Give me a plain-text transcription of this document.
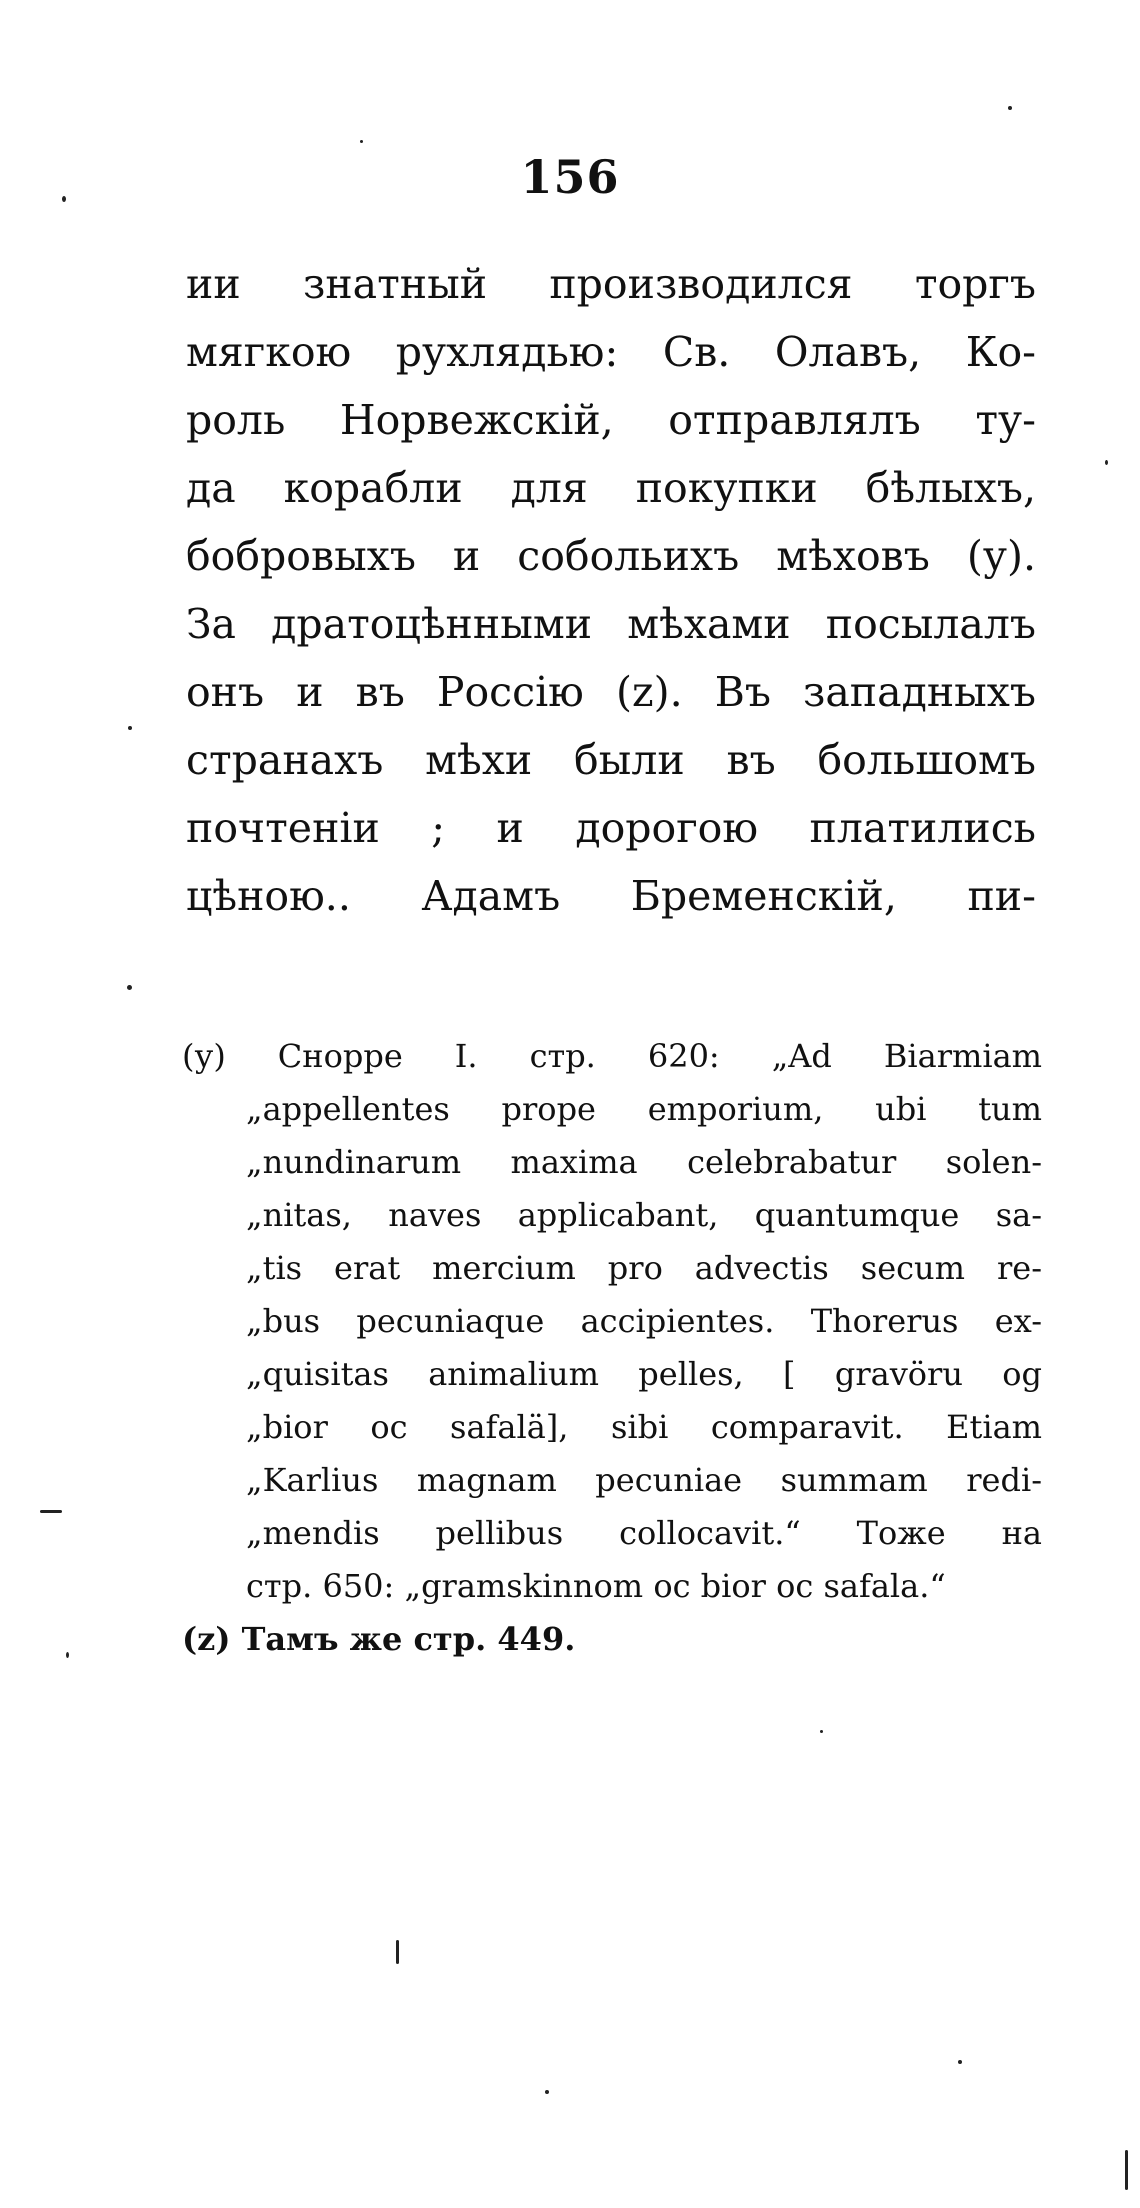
156
ии знатный производился торгъ
мягкою рухлядью: Св. Олавъ, Ко-
роль Норвежскій, отправлялъ ту-
да корабли для покупки бѣлыхъ,
бобровыхъ и собольихъ мѣховъ (у).
За дратоцѣнными мѣхами посылалъ
онъ и въ Россію (z). Въ западныхъ
странахъ мѣхи были въ большомъ
почтеніи ; и дорогою платились
цѣною.. Адамъ Бременскій, пи-
(у) Снорре I. стр. 620: „Ad Biarmiam
„appellentes prope emporium, ubi tum
„nundinarum maxima celebrabatur solen-
„nitas, naves applicabant, quantumque sa-
„tis erat mercium pro advectis secum re-
„bus pecuniaque accipientes. Thorerus ex-
„quisitas animalium pelles, [ gravöru og
„bior oc safalä], sibi comparavit. Etiam
„Karlius magnam pecuniae summam redi-
„mendis pellibus collocavit.“ Тоже на
стр. 650: „gramskinnom oc bior oc safala.“
(z) Тамъ же стр. 449.
